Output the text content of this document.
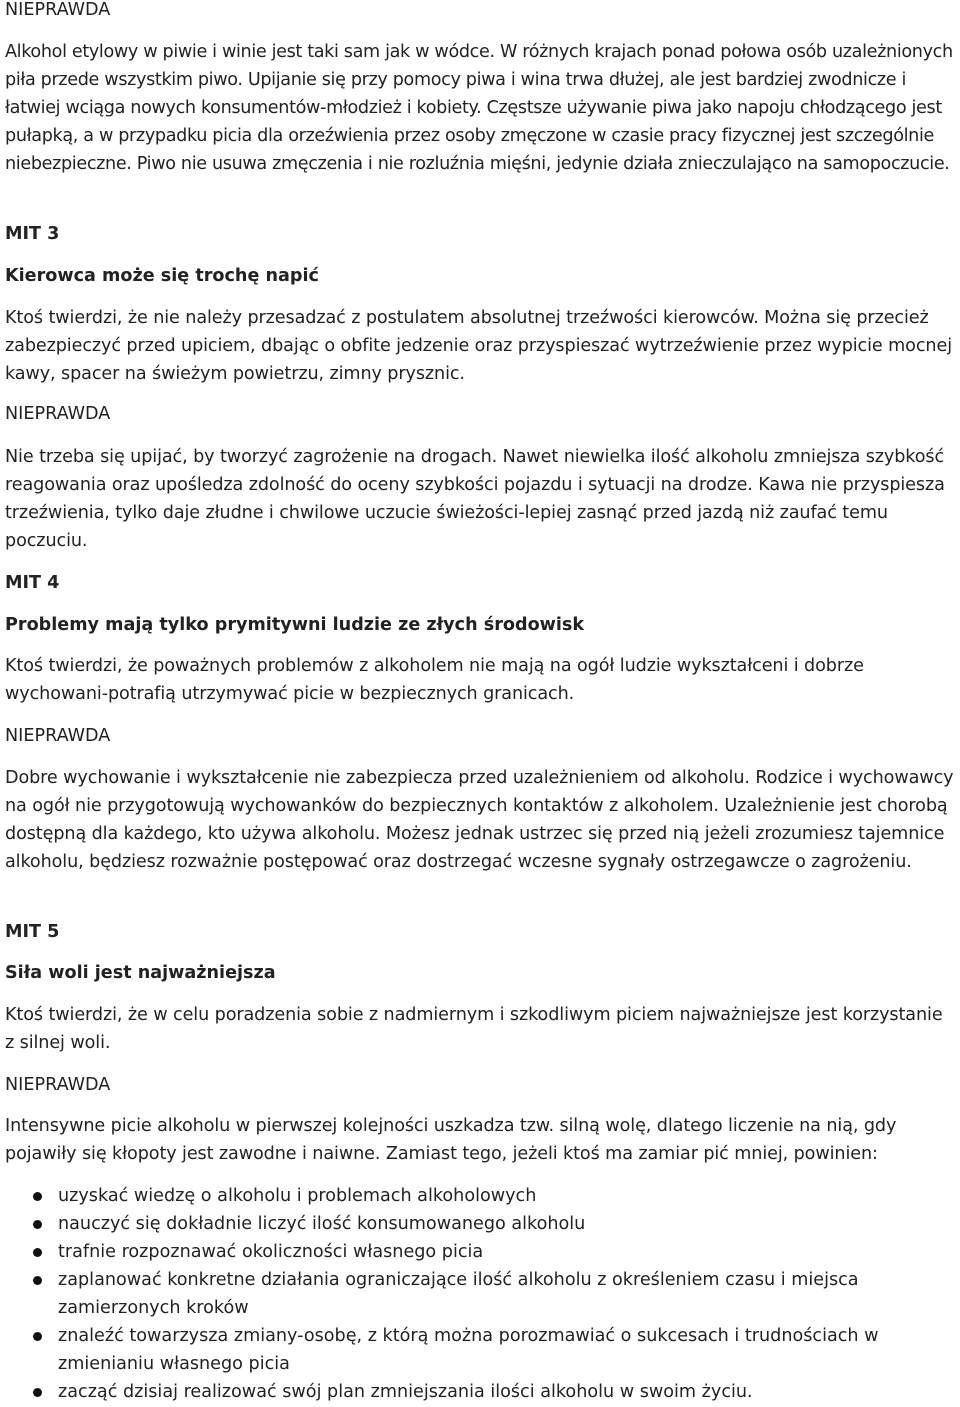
NIEPRAWDA

Alkohol etylowy w piwie i winie jest taki sam jak w wódce. W różnych krajach ponad połowa osób uzależnionych piła przede wszystkim piwo. Upijanie się przy pomocy piwa i wina trwa dłużej, ale jest bardziej zwodnicze i łatwiej wciąga nowych konsumentów-młodzież i kobiety. Częstsze używanie piwa jako napoju chłodzącego jest pułapką, a w przypadku picia dla orzeźwienia przez osoby zmęczone w czasie pracy fizycznej jest szczególnie niebezpieczne. Piwo nie usuwa zmęczenia i nie rozluźnia mięśni, jedynie działa znieczulająco na samopoczucie.

MIT 3
Kierowca może się trochę napić

Ktoś twierdzi, że nie należy przesadzać z postulatem absolutnej trzeźwości kierowców. Można się przecież zabezpieczyć przed upiciem, dbając o obfite jedzenie oraz przyspieszać wytrzeźwienie przez wypicie mocnej kawy, spacer na świeżym powietrzu, zimny prysznic.

NIEPRAWDA

Nie trzeba się upijać, by tworzyć zagrożenie na drogach. Nawet niewielka ilość alkoholu zmniejsza szybkość reagowania oraz upośledza zdolność do oceny szybkości pojazdu i sytuacji na drodze. Kawa nie przyspiesza trzeźwienia, tylko daje złudne i chwilowe uczucie świeżości-lepiej zasnąć przed jazdą niż zaufać temu poczuciu.

MIT 4
Problemy mają tylko prymitywni ludzie ze złych środowisk

Ktoś twierdzi, że poważnych problemów z alkoholem nie mają na ogół ludzie wykształceni i dobrze wychowani-potrafią utrzymywać picie w bezpiecznych granicach.

NIEPRAWDA

Dobre wychowanie i wykształcenie nie zabezpiecza przed uzależnieniem od alkoholu. Rodzice i wychowawcy na ogół nie przygotowują wychowanków do bezpiecznych kontaktów z alkoholem. Uzależnienie jest chorobą dostępną dla każdego, kto używa alkoholu. Możesz jednak ustrzec się przed nią jeżeli zrozumiesz tajemnice alkoholu, będziesz rozważnie postępować oraz dostrzegać wczesne sygnały ostrzegawcze o zagrożeniu.

MIT 5
Siła woli jest najważniejsza

Ktoś twierdzi, że w celu poradzenia sobie z nadmiernym i szkodliwym piciem najważniejsze jest korzystanie z silnej woli.

NIEPRAWDA

Intensywne picie alkoholu w pierwszej kolejności uszkadza tzw. silną wolę, dlatego liczenie na nią, gdy pojawiły się kłopoty jest zawodne i naiwne. Zamiast tego, jeżeli ktoś ma zamiar pić mniej, powinien:

uzyskać wiedzę o alkoholu i problemach alkoholowych
nauczyć się dokładnie liczyć ilość konsumowanego alkoholu
trafnie rozpoznawać okoliczności własnego picia
zaplanować konkretne działania ograniczające ilość alkoholu z określeniem czasu i miejsca zamierzonych kroków
znaleźć towarzysza zmiany-osobę, z którą można porozmawiać o sukcesach i trudnościach w zmienianiu własnego picia
zacząć dzisiaj realizować swój plan zmniejszania ilości alkoholu w swoim życiu.
